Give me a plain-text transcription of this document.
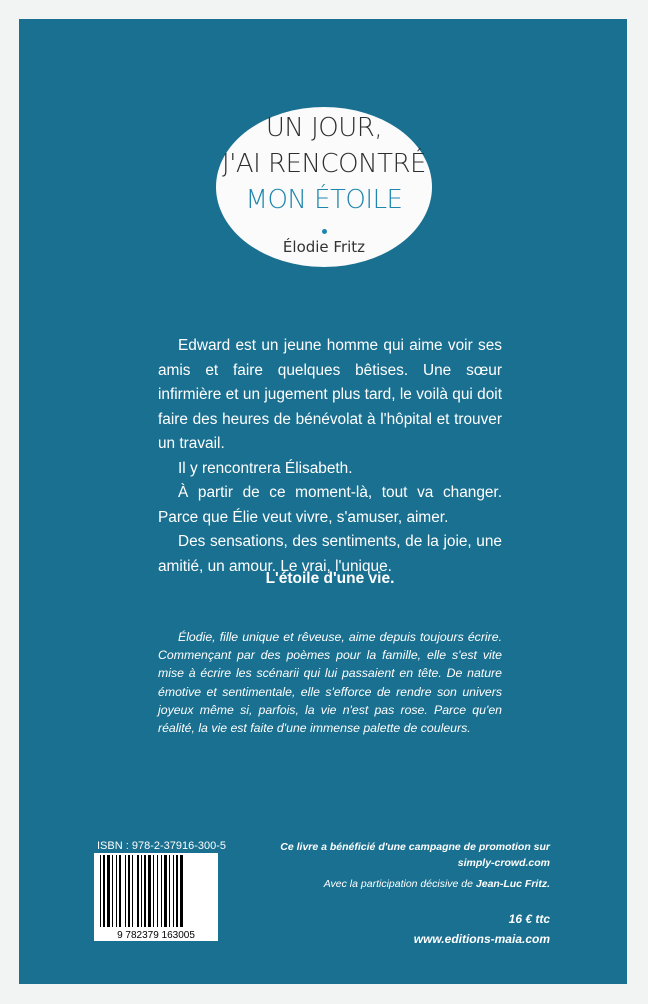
UN JOUR,
J'AI RENCONTRÉ
MON ÉTOILE
Élodie Fritz

Edward est un jeune homme qui aime voir ses amis et faire quelques bêtises. Une sœur infirmière et un jugement plus tard, le voilà qui doit faire des heures de bénévolat à l'hôpital et trouver un travail.

Il y rencontrera Élisabeth.

À partir de ce moment-là, tout va changer. Parce que Élie veut vivre, s'amuser, aimer.

Des sensations, des sentiments, de la joie, une amitié, un amour. Le vrai, l'unique.

L'étoile d'une vie.
Élodie, fille unique et rêveuse, aime depuis toujours écrire. Commençant par des poèmes pour la famille, elle s'est vite mise à écrire les scénarii qui lui passaient en tête. De nature émotive et sentimentale, elle s'efforce de rendre son univers joyeux même si, parfois, la vie n'est pas rose. Parce qu'en réalité, la vie est faite d'une immense palette de couleurs.
ISBN : 978-2-37916-300-5
9 782379 163005
Ce livre a bénéficié d'une campagne de promotion sur
simply-crowd.com
Avec la participation décisive de Jean-Luc Fritz.
16 € ttc
www.editions-maia.com
